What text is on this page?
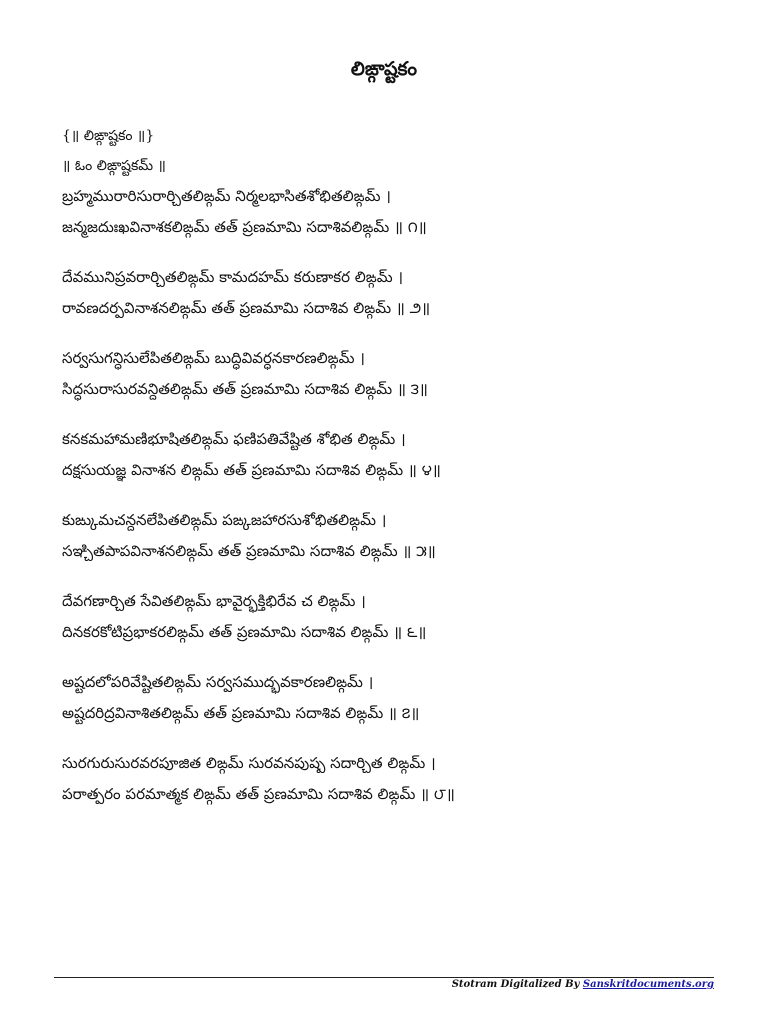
లిఙ్గాష్టకం
{॥ లిఙ్గాష్టకం ॥}
॥ ఓం లిఙ్గాష్టకమ్ ॥
బ్రహ్మమురారిసురార్చితలిఙ్గమ్ నిర్మలభాసితశోభితలిఙ్గమ్ ।
జన్మజదుఃఖవినాశకలిఙ్గమ్ తత్ ప్రణమామి సదాశివలిఙ్గమ్ ॥ ౧॥
దేవమునిప్రవరార్చితలిఙ్గమ్ కామదహమ్ కరుణాకర లిఙ్గమ్ ।
రావణదర్పవినాశనలిఙ్గమ్ తత్ ప్రణమామి సదాశివ లిఙ్గమ్ ॥ ౨॥
సర్వసుగన్ధిసులేపితలిఙ్గమ్ బుద్ధివివర్ధనకారణలిఙ్గమ్ ।
సిద్ధసురాసురవన్దితలిఙ్గమ్ తత్ ప్రణమామి సదాశివ లిఙ్గమ్ ॥ ౩॥
కనకమహామణిభూషితలిఙ్గమ్ ఫణిపతివేష్టిత శోభిత లిఙ్గమ్ ।
దక్షసుయజ్ఞ వినాశన లిఙ్గమ్ తత్ ప్రణమామి సదాశివ లిఙ్గమ్ ॥ ౪॥
కుఙ్కుమచన్దనలేపితలిఙ్గమ్ పఙ్కజహారసుశోభితలిఙ్గమ్ ।
సఞ్చితపాపవినాశనలిఙ్గమ్ తత్ ప్రణమామి సదాశివ లిఙ్గమ్ ॥ ౫॥
దేవగణార్చిత సేవితలిఙ్గమ్ భావైర్భక్తిభిరేవ చ లిఙ్గమ్ ।
దినకరకోటిప్రభాకరలిఙ్గమ్ తత్ ప్రణమామి సదాశివ లిఙ్గమ్ ॥ ౬॥
అష్టదలోపరివేష్టితలిఙ్గమ్ సర్వసముద్భవకారణలిఙ్గమ్ ।
అష్టదరిద్రవినాశితలిఙ్గమ్ తత్ ప్రణమామి సదాశివ లిఙ్గమ్ ॥ ౭॥
సురగురుసురవరపూజిత లిఙ్గమ్ సురవనపుష్ప సదార్చిత లిఙ్గమ్ ।
పరాత్పరం పరమాత్మక లిఙ్గమ్ తత్ ప్రణమామి సదాశివ లిఙ్గమ్ ॥ ౮॥
Stotram Digitalized By Sanskritdocuments.org
